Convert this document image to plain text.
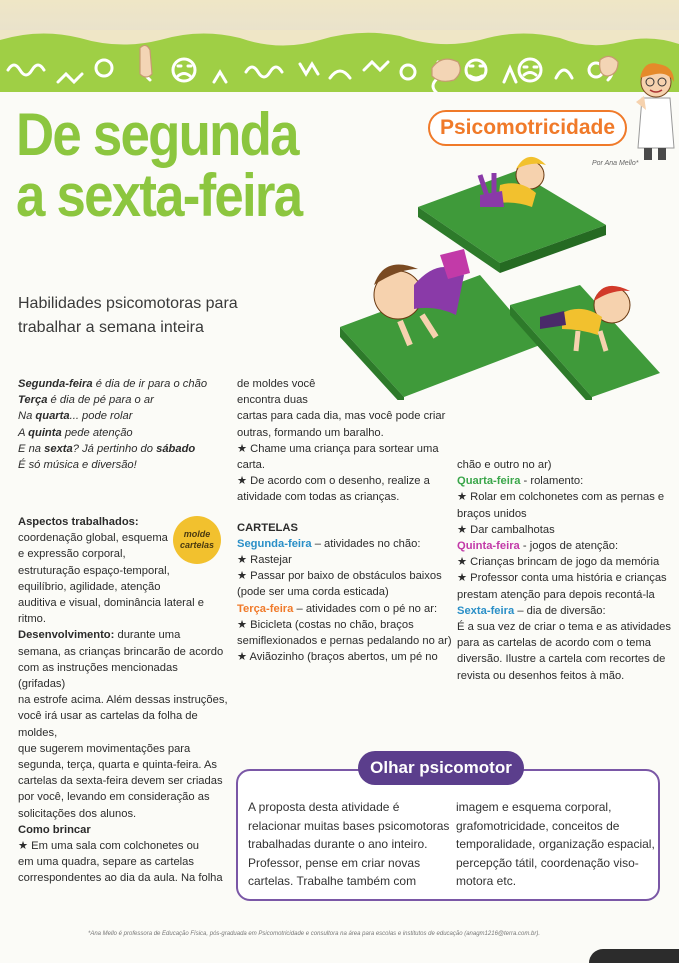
De segunda
a sexta-feira
Habilidades psicomotoras para
trabalhar a semana inteira
Psicomotricidade
Por Ana Mello*

Segunda-feira é dia de ir para o chão

Terça é dia de pé para o ar

Na quarta... pode rolar

A quinta pede atenção

E na sexta? Já pertinho do sábado

É só música e diversão!

Aspectos trabalhados:

coordenação global, esquema

e expressão corporal,

estruturação espaço-temporal,

equilíbrio, agilidade, atenção

auditiva e visual, dominância lateral e ritmo.

Desenvolvimento: durante uma

semana, as crianças brincarão de acordo

com as instruções mencionadas (grifadas)

na estrofe acima. Além dessas instruções,

você irá usar as cartelas da folha de moldes,

que sugerem movimentações para

segunda, terça, quarta e quinta-feira. As

cartelas da sexta-feira devem ser criadas

por você, levando em consideração as

solicitações dos alunos.

Como brincar

★ Em uma sala com colchonetes ou

em uma quadra, separe as cartelas

correspondentes ao dia da aula. Na folha

molde
cartelas

de moldes você

encontra duas

cartas para cada dia, mas você pode criar

outras, formando um baralho.

★ Chame uma criança para sortear uma

carta.

★ De acordo com o desenho, realize a

atividade com todas as crianças.

CARTELAS

Segunda-feira – atividades no chão:

★ Rastejar

★ Passar por baixo de obstáculos baixos

(pode ser uma corda esticada)

Terça-feira – atividades com o pé no ar:

★ Bicicleta (costas no chão, braços

semiflexionados e pernas pedalando no ar)

★ Aviãozinho (braços abertos, um pé no

chão e outro no ar)

Quarta-feira - rolamento:

★ Rolar em colchonetes com as pernas e

braços unidos

★ Dar cambalhotas

Quinta-feira - jogos de atenção:

★ Crianças brincam de jogo da memória

★ Professor conta uma história e crianças

prestam atenção para depois recontá-la

Sexta-feira – dia de diversão:

É a sua vez de criar o tema e as atividades

para as cartelas de acordo com o tema

diversão. Ilustre a cartela com recortes de

revista ou desenhos feitos à mão.

Olhar psicomotor

A proposta desta atividade é

relacionar muitas bases psicomotoras

trabalhadas durante o ano inteiro.

Professor, pense em criar novas

cartelas. Trabalhe também com

imagem e esquema corporal,

grafomotricidade, conceitos de

temporalidade, organização espacial,

percepção tátil, coordenação viso-

motora etc.

*Ana Mello é professora de Educação Física, pós-graduada em Psicomotricidade e consultora na área para escolas e institutos de educação (anagm1216@terra.com.br).
